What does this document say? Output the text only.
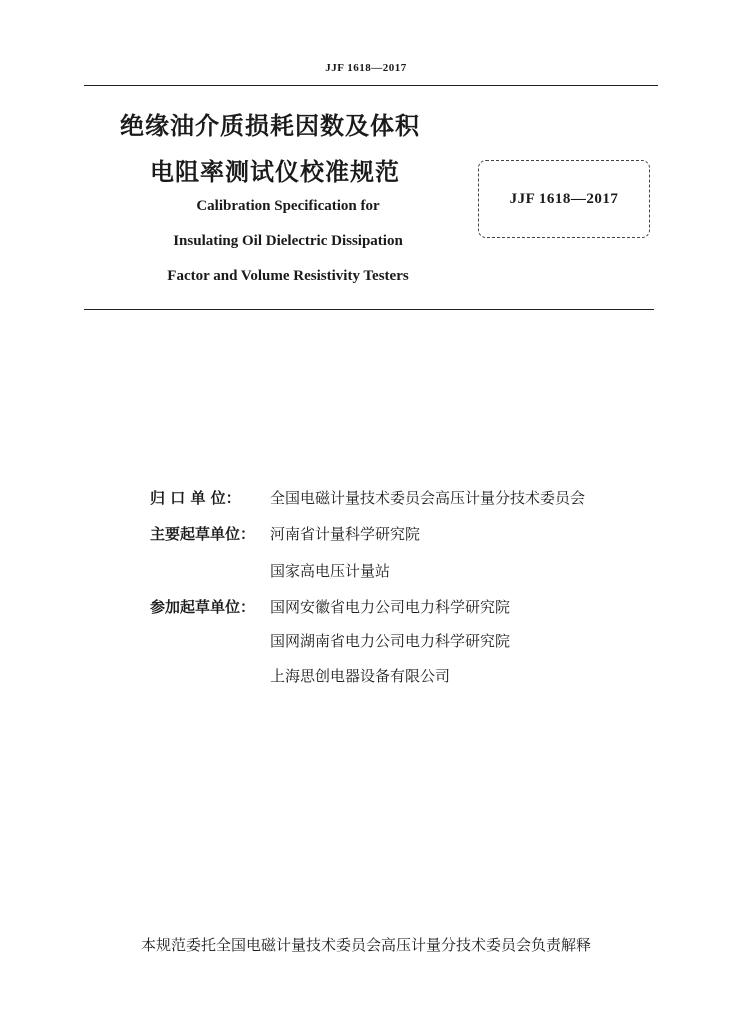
JJF 1618—2017
绝缘油介质损耗因数及体积
电阻率测试仪校准规范
JJF 1618—2017
Calibration Specification for
Insulating Oil Dielectric Dissipation
Factor and Volume Resistivity Testers
归 口 单 位：	全国电磁计量技术委员会高压计量分技术委员会
主要起草单位： 河南省计量科学研究院
国家高电压计量站
参加起草单位： 国网安徽省电力公司电力科学研究院
国网湖南省电力公司电力科学研究院
上海思创电器设备有限公司
本规范委托全国电磁计量技术委员会高压计量分技术委员会负责解释
